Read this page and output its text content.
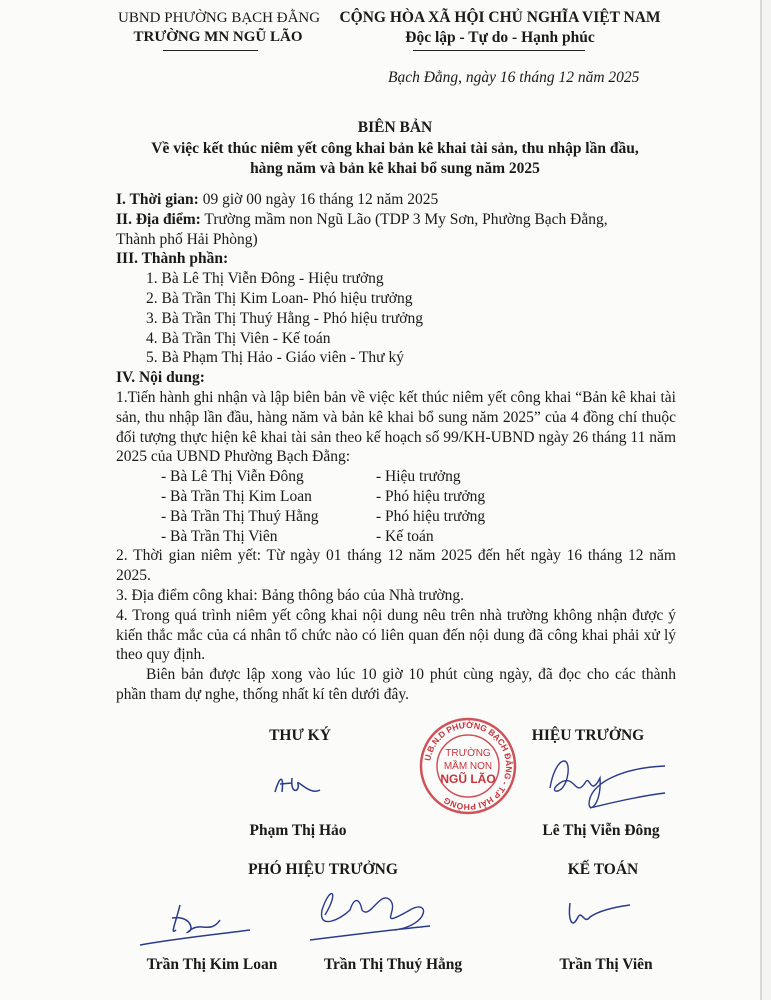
UBND PHƯỜNG BẠCH ĐẰNG
TRƯỜNG MN NGŨ LÃO
CỘNG HÒA XÃ HỘI CHỦ NGHĨA VIỆT NAM
Độc lập - Tự do - Hạnh phúc
Bạch Đằng, ngày 16 tháng 12 năm 2025
BIÊN BẢN
Về việc kết thúc niêm yết công khai bản kê khai tài sản, thu nhập lần đầu,
hàng năm và bản kê khai bổ sung năm 2025

I. Thời gian: 09 giờ 00 ngày 16 tháng 12 năm 2025

II. Địa điểm: Trường mầm non Ngũ Lão (TDP 3 My Sơn, Phường Bạch Đằng,

Thành phố Hải Phòng)

III. Thành phần:

1. Bà Lê Thị Viễn Đông - Hiệu trưởng

2. Bà Trần Thị Kim Loan- Phó hiệu trưởng

3. Bà Trần Thị Thuý Hằng - Phó hiệu trưởng

4. Bà Trần Thị Viên - Kế toán

5. Bà Phạm Thị Hảo - Giáo viên - Thư ký

IV. Nội dung:

1.Tiến hành ghi nhận và lập biên bản về việc kết thúc niêm yết công khai “Bản kê khai tài sản, thu nhập lần đầu, hàng năm và bản kê khai bổ sung năm 2025” của 4 đồng chí thuộc đối tượng thực hiện kê khai tài sản theo kế hoạch số 99/KH-UBND ngày 26 tháng 11 năm 2025 của UBND Phường Bạch Đằng:

- Bà Lê Thị Viễn Đông	- Hiệu trưởng
- Bà Trần Thị Kim Loan	- Phó hiệu trưởng
- Bà Trần Thị Thuý Hằng	- Phó hiệu trưởng
- Bà Trần Thị Viên	- Kế toán

2. Thời gian niêm yết: Từ ngày 01 tháng 12 năm 2025 đến hết ngày 16 tháng 12 năm 2025.

3. Địa điểm công khai: Bảng thông báo của Nhà trường.

4. Trong quá trình niêm yết công khai nội dung nêu trên nhà trường không nhận được ý kiến thắc mắc của cá nhân tổ chức nào có liên quan đến nội dung đã công khai phải xử lý theo quy định.

Biên bản được lập xong vào lúc 10 giờ 10 phút cùng ngày, đã đọc cho các thành phần tham dự nghe, thống nhất kí tên dưới đây.

U.B.N.D PHƯỜNG BẠCH ĐẰNG - T.P HẢI PHÒNG
TRƯỜNG
MẦM NON
NGŨ LÃO
THƯ KÝ	HIỆU TRƯỞNG
Phạm Thị Hảo	Lê Thị Viễn Đông
PHÓ HIỆU TRƯỞNG	KẾ TOÁN
Trần Thị Kim Loan	Trần Thị Thuý Hằng	Trần Thị Viên
